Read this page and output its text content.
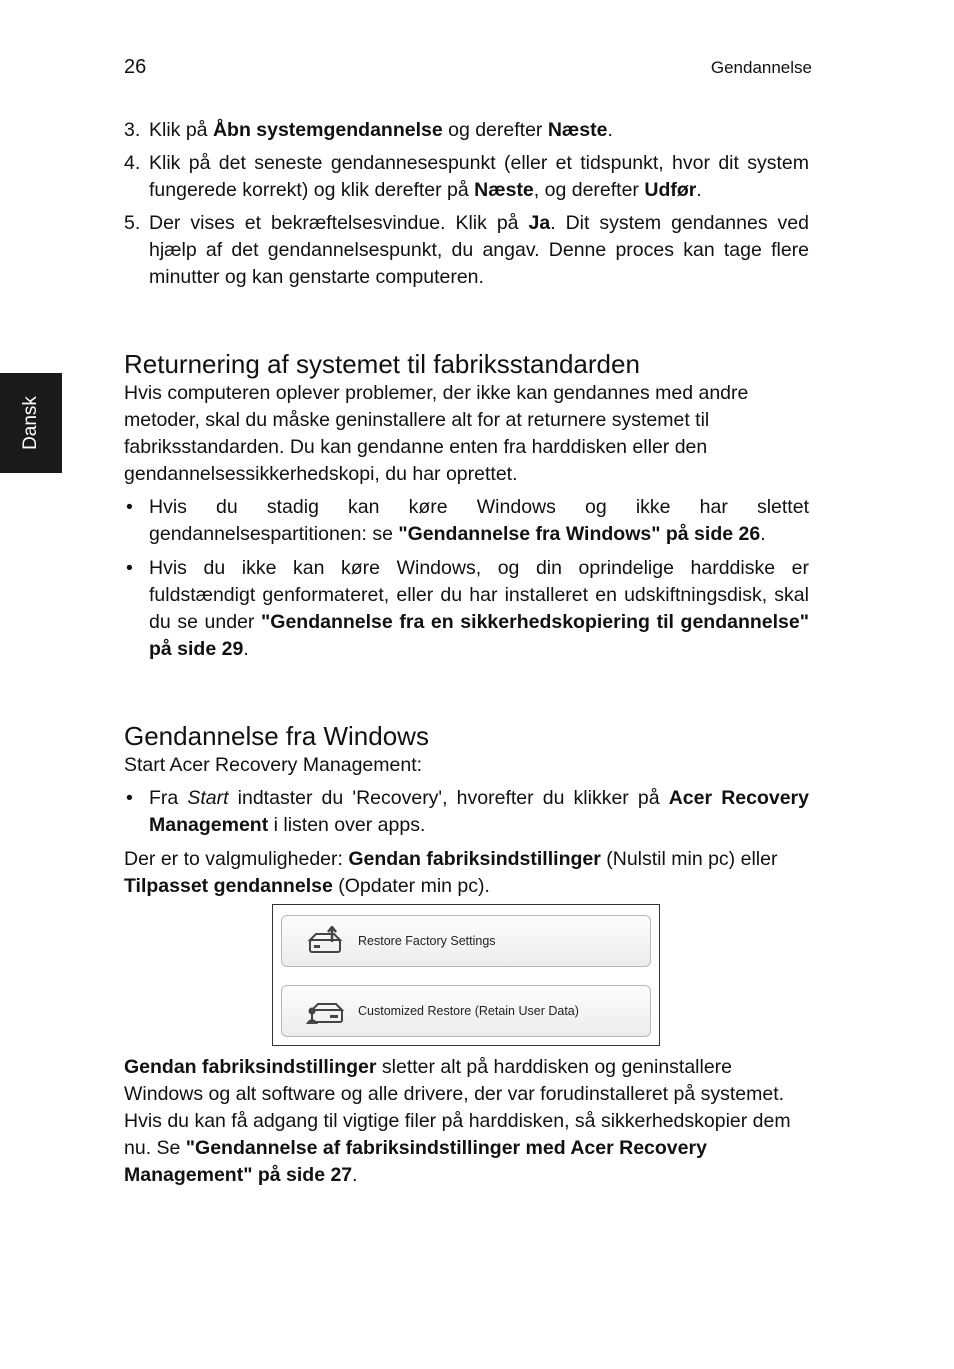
26	Gendannelse
Dansk
3. Klik på Åbn systemgendannelse og derefter Næste.
4. Klik på det seneste gendannesespunkt (eller et tidspunkt, hvor dit system fungerede korrekt) og klik derefter på Næste, og derefter Udfør.
5. Der vises et bekræftelsesvindue. Klik på Ja. Dit system gendannes ved hjælp af det gendannelsespunkt, du angav. Denne proces kan tage flere minutter og kan genstarte computeren.
Returnering af systemet til fabriksstandarden

Hvis computeren oplever problemer, der ikke kan gendannes med andre metoder, skal du måske geninstallere alt for at returnere systemet til fabriksstandarden. Du kan gendanne enten fra harddisken eller den gendannelsessikkerhedskopi, du har oprettet.

• Hvis du stadig kan køre Windows og ikke har slettet gendannelsespartitionen: se "Gendannelse fra Windows" på side 26.
• Hvis du ikke kan køre Windows, og din oprindelige harddiske er fuldstændigt genformateret, eller du har installeret en udskiftningsdisk, skal du se under "Gendannelse fra en sikkerhedskopiering til gendannelse" på side 29.
Gendannelse fra Windows

Start Acer Recovery Management:

• Fra Start indtaster du 'Recovery', hvorefter du klikker på Acer Recovery Management i listen over apps.

Der er to valgmuligheder: Gendan fabriksindstillinger (Nulstil min pc) eller Tilpasset gendannelse (Opdater min pc).

Restore Factory Settings
Customized Restore (Retain User Data)

Gendan fabriksindstillinger sletter alt på harddisken og geninstallere Windows og alt software og alle drivere, der var forudinstalleret på systemet. Hvis du kan få adgang til vigtige filer på harddisken, så sikkerhedskopier dem nu. Se "Gendannelse af fabriksindstillinger med Acer Recovery Management" på side 27.
